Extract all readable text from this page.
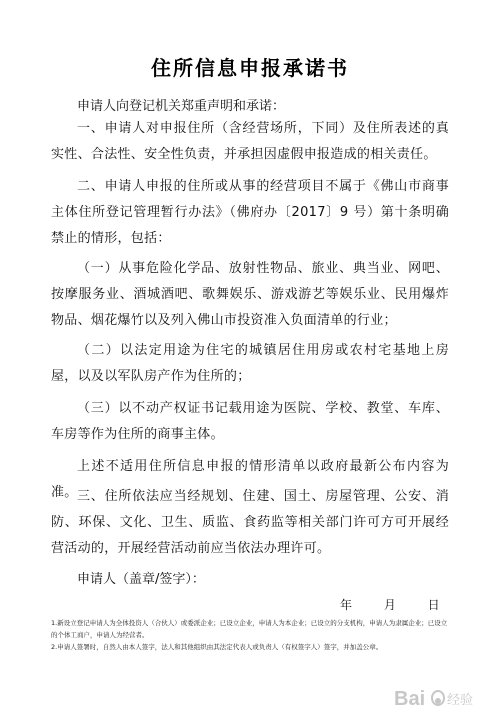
住所信息申报承诺书
申请人向登记机关郑重声明和承诺：
一、申请人对申报住所（含经营场所，下同）及住所表述的真实性、合法性、安全性负责，并承担因虚假申报造成的相关责任。
二、申请人申报的住所或从事的经营项目不属于《佛山市商事主体住所登记管理暂行办法》（佛府办〔2017〕9 号）第十条明确禁止的情形，包括：
（一）从事危险化学品、放射性物品、旅业、典当业、网吧、按摩服务业、酒城酒吧、歌舞娱乐、游戏游艺等娱乐业、民用爆炸物品、烟花爆竹以及列入佛山市投资准入负面清单的行业；
（二）以法定用途为住宅的城镇居住用房或农村宅基地上房屋，以及以军队房产作为住所的；
（三）以不动产权证书记载用途为医院、学校、教堂、车库、车房等作为住所的商事主体。
上述不适用住所信息申报的情形清单以政府最新公布内容为准。 三、住所依法应当经规划、住建、国土、房屋管理、公安、消防、环保、文化、卫生、质监、食药监等相关部门许可方可开展经营活动的，开展经营活动前应当依法办理许可。
申请人（盖章/签字）：
年	月	日

1.新设立登记申请人为全体投资人（合伙人）或委派企业；已设立企业，申请人为本企业；已设立的分支机构，申请人为隶属企业；已设立的个体工商户，申请人为经营者。

2.申请人签署时，自然人由本人签字，法人和其他组织由其法定代表人或负责人（有权签字人）签字，并加盖公章。

Bai 经验
